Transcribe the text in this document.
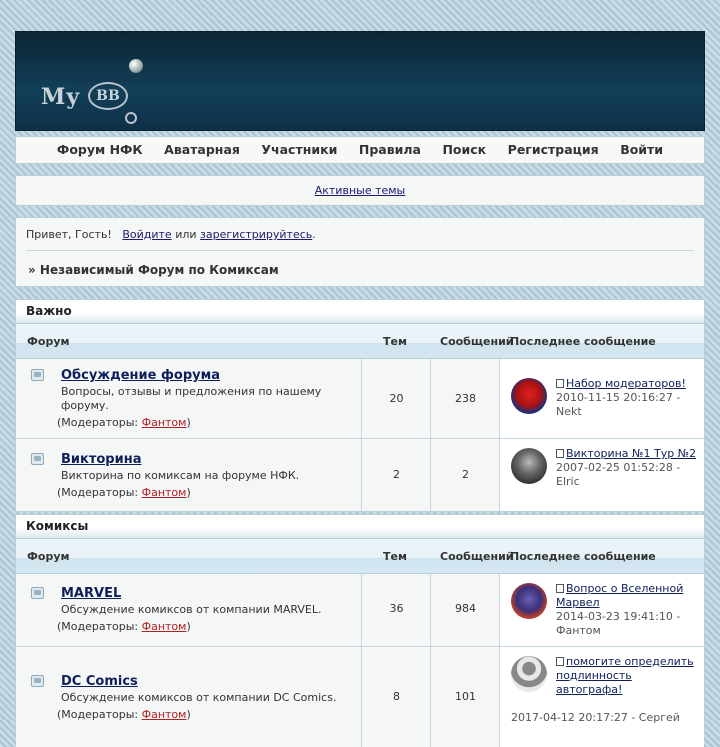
My	BB
Форум НФК Аватарная Участники Правила Поиск Регистрация Войти
Активные темы
Привет, Гость! Войдите или зарегистрируйтесь.
» Независимый Форум по Комиксам
Важно
Форум	Тем	Сообщений
Последнее сообщение
Обсуждение форума
Вопросы, отзывы и предложения по нашему форуму.
(Модераторы: Фантом)
20	238
Набор модераторов!
2010-11-15 20:16:27 -
Nekt
Викторина
Викторина по комиксам на форуме НФК.
(Модераторы: Фантом)
2	2
Викторина №1 Тур №2
2007-02-25 01:52:28 -
Elric
Комиксы
Форум	Тем	Сообщений
Последнее сообщение
MARVEL
Обсуждение комиксов от компании MARVEL.
(Модераторы: Фантом)
36	984
Вопрос о Вселенной Марвел
2014-03-23 19:41:10 -
Фантом
DC Comics
Обсуждение комиксов от компании DC Comics.
(Модераторы: Фантом)
8	101
помогите определить подлинность автографа!
2017-04-12 20:17:27 - Сергей
